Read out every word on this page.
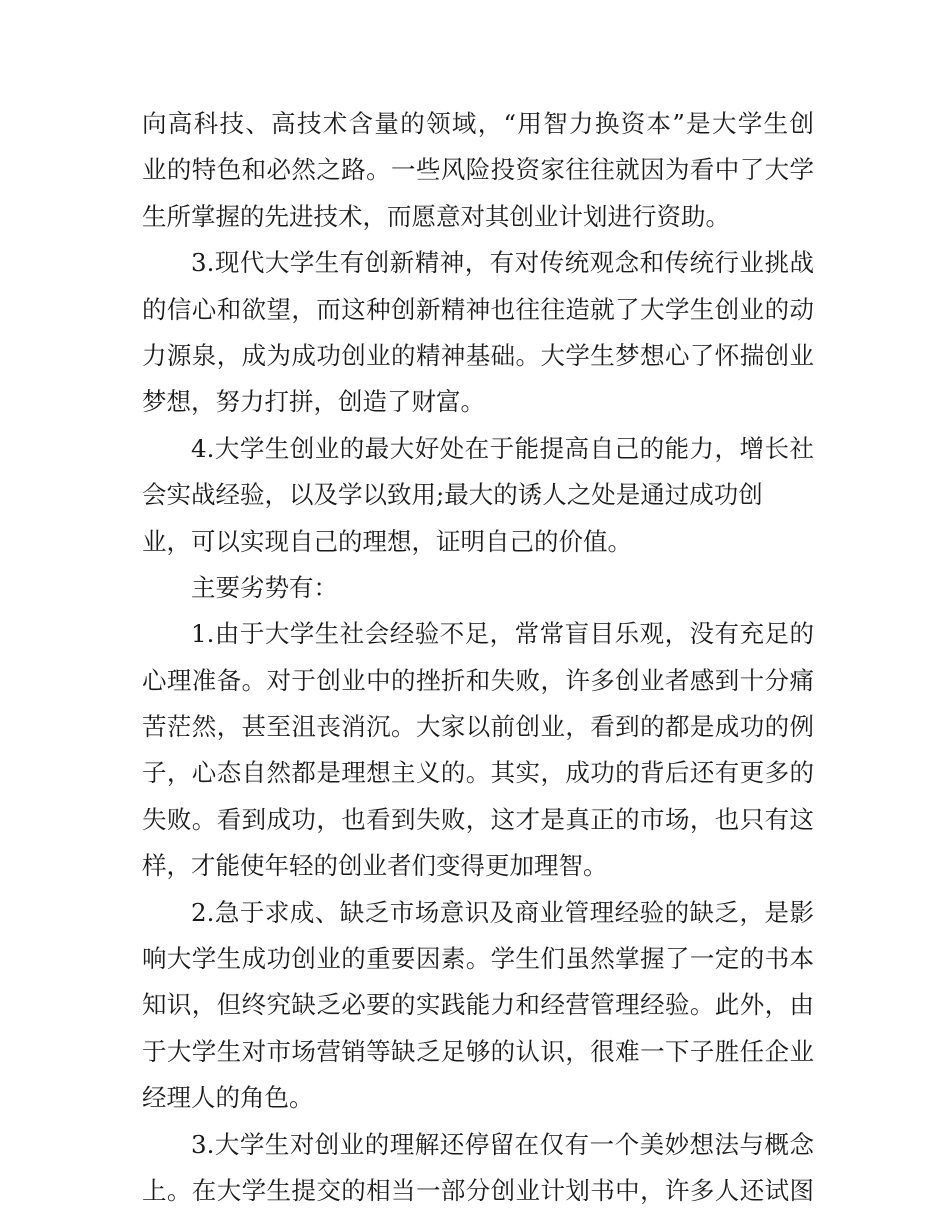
向高科技、高技术含量的领域，“用智力换资本”是大学生创
业的特色和必然之路。一些风险投资家往往就因为看中了大学
生所掌握的先进技术，而愿意对其创业计划进行资助。
3.现代大学生有创新精神，有对传统观念和传统行业挑战
的信心和欲望，而这种创新精神也往往造就了大学生创业的动
力源泉，成为成功创业的精神基础。大学生梦想心了怀揣创业
梦想，努力打拼，创造了财富。
4.大学生创业的最大好处在于能提高自己的能力，增长社
会实战经验，以及学以致用;最大的诱人之处是通过成功创
业，可以实现自己的理想，证明自己的价值。
主要劣势有：
1.由于大学生社会经验不足，常常盲目乐观，没有充足的
心理准备。对于创业中的挫折和失败，许多创业者感到十分痛
苦茫然，甚至沮丧消沉。大家以前创业，看到的都是成功的例
子，心态自然都是理想主义的。其实，成功的背后还有更多的
失败。看到成功，也看到失败，这才是真正的市场，也只有这
样，才能使年轻的创业者们变得更加理智。
2.急于求成、缺乏市场意识及商业管理经验的缺乏，是影
响大学生成功创业的重要因素。学生们虽然掌握了一定的书本
知识，但终究缺乏必要的实践能力和经营管理经验。此外，由
于大学生对市场营销等缺乏足够的认识，很难一下子胜任企业
经理人的角色。
3.大学生对创业的理解还停留在仅有一个美妙想法与概念
上。在大学生提交的相当一部分创业计划书中，许多人还试图
